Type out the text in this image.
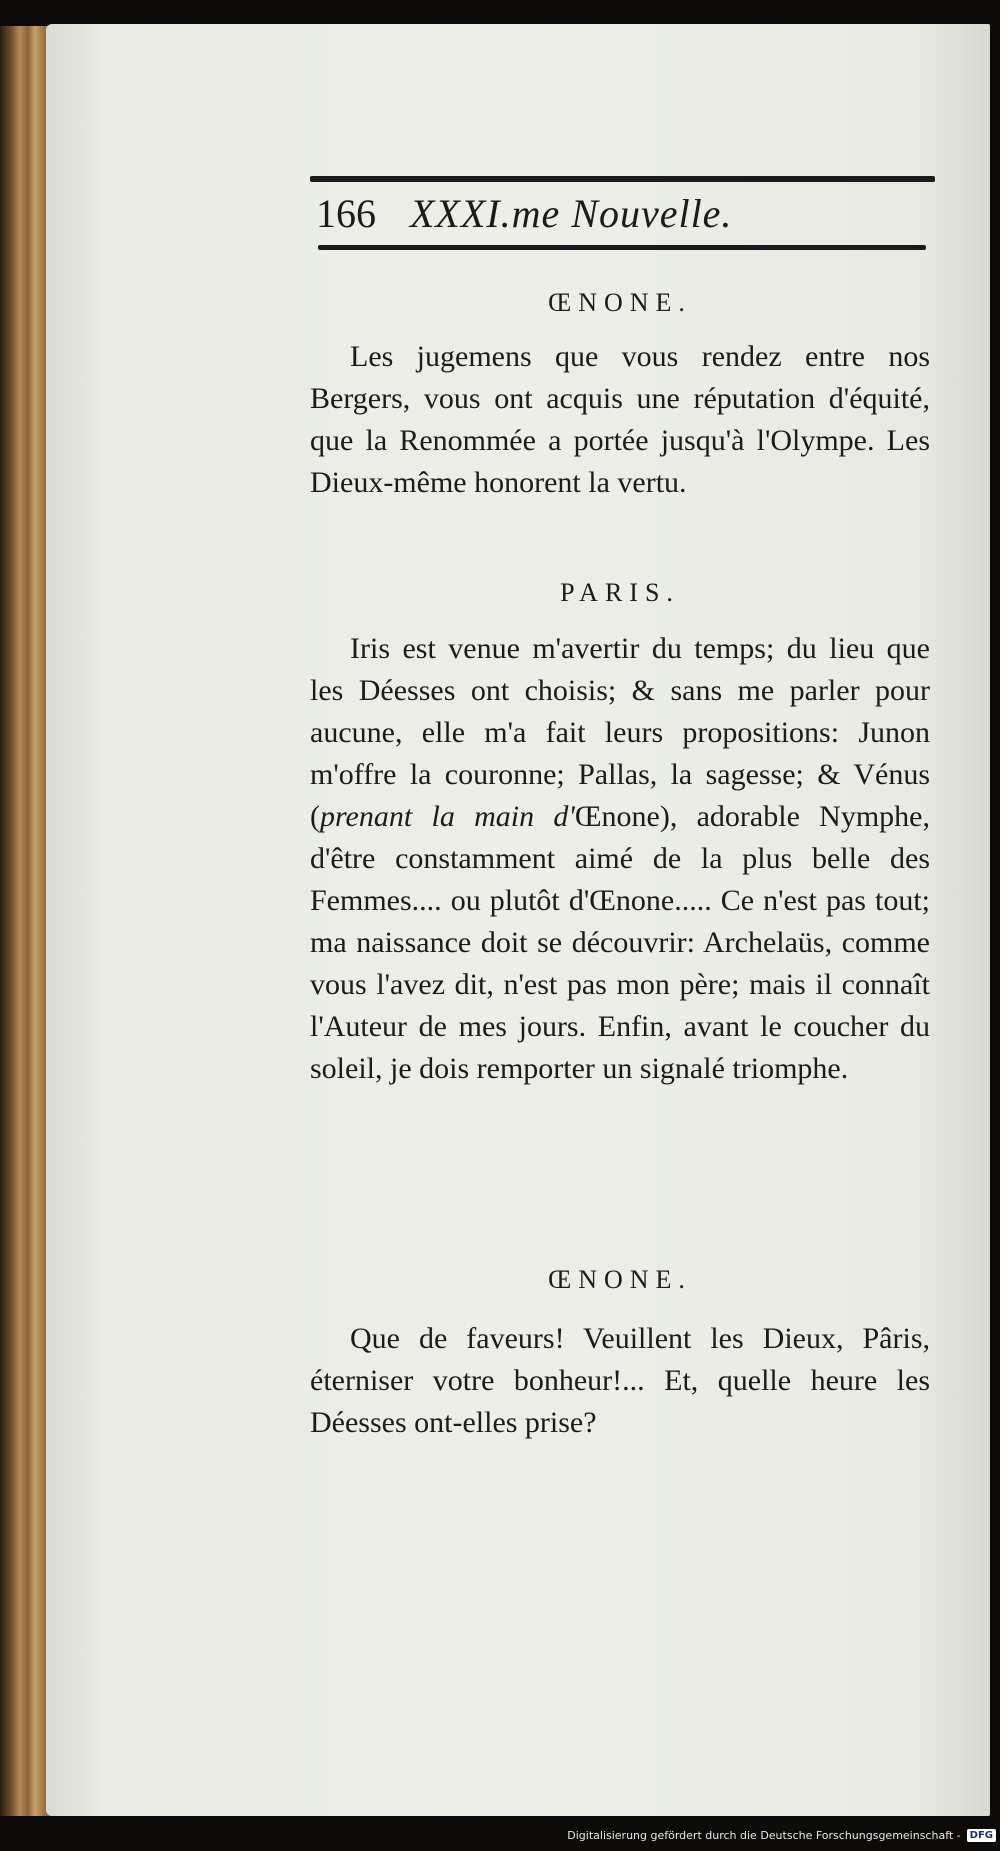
166 XXXI.me Nouvelle.
ŒNONE.

Les jugemens que vous rendez entre nos Bergers, vous ont acquis une réputation d'équité, que la Renommée a portée jusqu'à l'Olympe. Les Dieux-même honorent la vertu.

PARIS.

Iris est venue m'avertir du temps; du lieu que les Déesses ont choisis; & sans me parler pour aucune, elle m'a fait leurs propositions: Junon m'offre la couronne; Pallas, la sagesse; & Vénus (prenant la main d'Œnone), adorable Nymphe, d'être constamment aimé de la plus belle des Femmes.... ou plutôt d'Œnone..... Ce n'est pas tout; ma naissance doit se découvrir: Archelaüs, comme vous l'avez dit, n'est pas mon père; mais il connaît l'Auteur de mes jours. Enfin, avant le coucher du soleil, je dois remporter un signalé triomphe.

ŒNONE.

Que de faveurs! Veuillent les Dieux, Pâris, éterniser votre bonheur!... Et, quelle heure les Déesses ont-elles prise?

Digitalisierung gefördert durch die Deutsche Forschungsgemeinschaft - DFG
